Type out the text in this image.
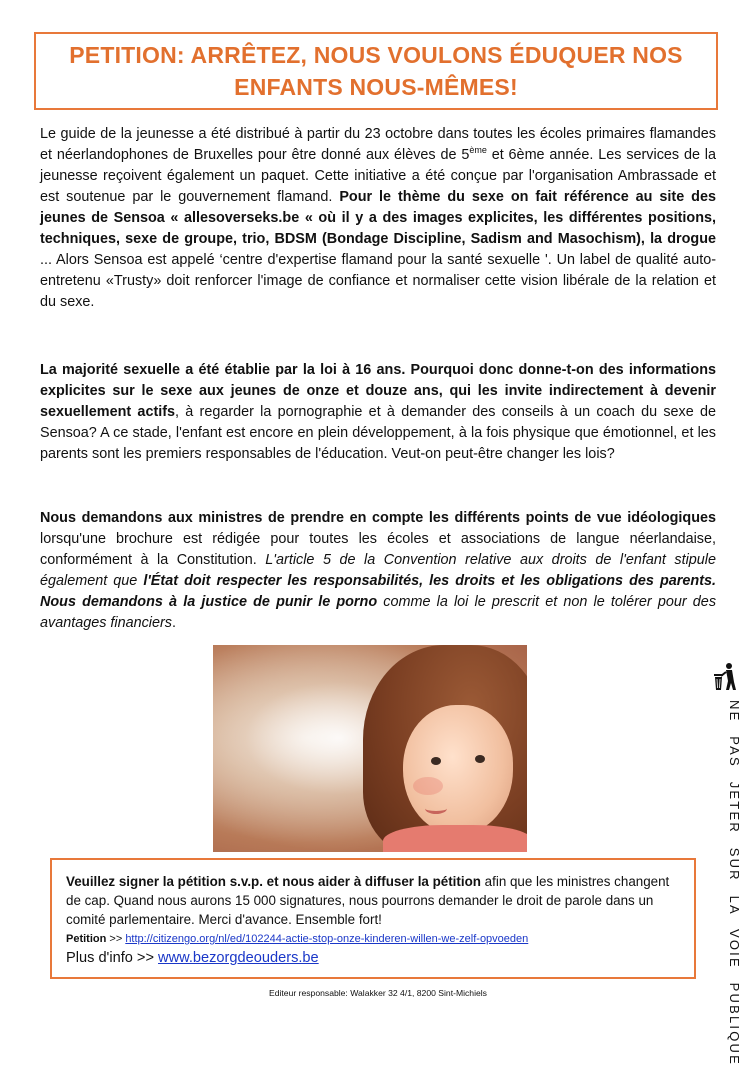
PETITION: ARRÊTEZ, NOUS VOULONS ÉDUQUER NOS
ENFANTS NOUS-MÊMES!
Le guide de la jeunesse a été distribué à partir du 23 octobre dans toutes les écoles primaires flamandes et néerlandophones de Bruxelles pour être donné aux élèves de 5ème et 6ème année. Les services de la jeunesse reçoivent également un paquet. Cette initiative a été conçue par l'organisation Ambrassade et est soutenue par le gouvernement flamand. Pour le thème du sexe on fait référence au site des jeunes de Sensoa « allesoverseks.be « où il y a des images explicites, les différentes positions, techniques, sexe de groupe, trio, BDSM (Bondage Discipline, Sadism and Masochism), la drogue ... Alors Sensoa est appelé ‘centre d'expertise flamand pour la santé sexuelle '. Un label de qualité auto-entretenu «Trusty» doit renforcer l'image de confiance et normaliser cette vision libérale de la relation et du sexe.
La majorité sexuelle a été établie par la loi à 16 ans. Pourquoi donc donne-t-on des informations explicites sur le sexe aux jeunes de onze et douze ans, qui les invite indirectement à devenir sexuellement actifs, à regarder la pornographie et à demander des conseils à un coach du sexe de Sensoa? A ce stade, l'enfant est encore en plein développement, à la fois physique que émotionnel, et les parents sont les premiers responsables de l'éducation. Veut-on peut-être changer les lois?
Nous demandons aux ministres de prendre en compte les différents points de vue idéologiques lorsqu'une brochure est rédigée pour toutes les écoles et associations de langue néerlandaise, conformément à la Constitution. L'article 5 de la Convention relative aux droits de l'enfant stipule également que l'État doit respecter les responsabilités, les droits et les obligations des parents. Nous demandons à la justice de punir le porno comme la loi le prescrit et non le tolérer pour des avantages financiers.
NE PAS JETER SUR LA VOIE PUBLIQUE
Veuillez signer la pétition s.v.p. et nous aider à diffuser la pétition afin que les ministres changent de cap. Quand nous aurons 15 000 signatures, nous pourrons demander le droit de parole dans un comité parlementaire. Merci d'avance. Ensemble fort!
Petition >> http://citizengo.org/nl/ed/102244-actie-stop-onze-kinderen-willen-we-zelf-opvoeden
Plus d'info >> www.bezorgdeouders.be
Editeur responsable: Walakker 32 4/1, 8200 Sint-Michiels
